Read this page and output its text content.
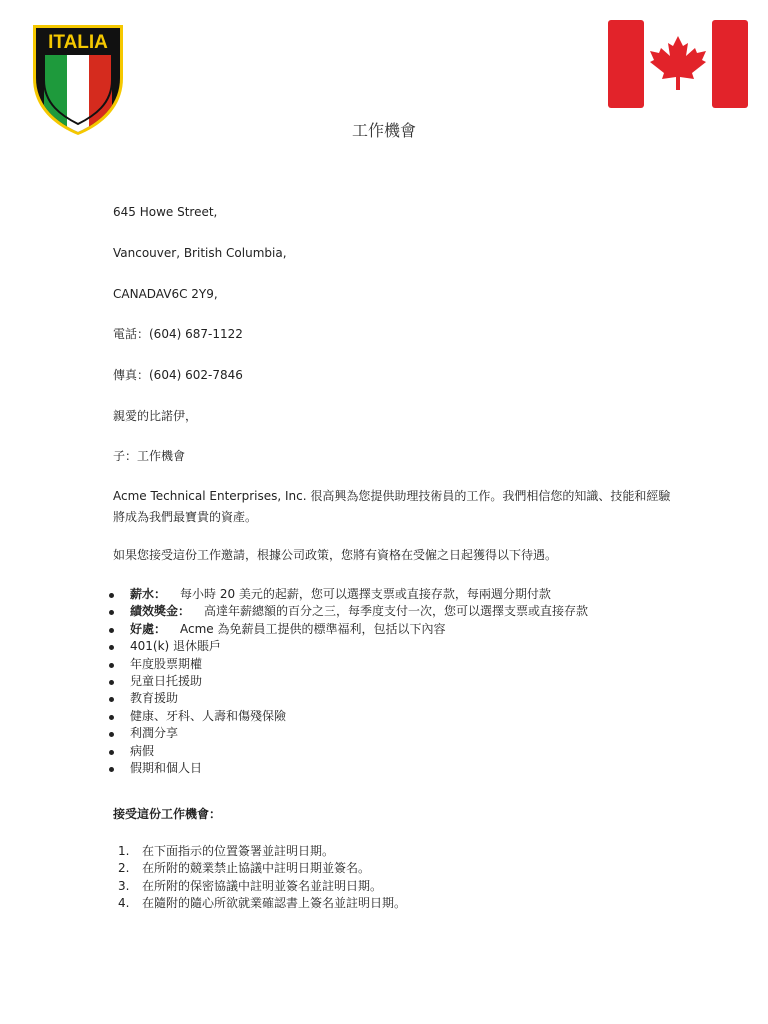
ITALIA
工作機會
645 Howe Street,
Vancouver, British Columbia,
CANADAV6C 2Y9,
電話：(604) 687-1122
傳真：(604) 602-7846
親愛的比諾伊，
子：工作機會
Acme Technical Enterprises, Inc. 很高興為您提供助理技術員的工作。我們相信您的知識、技能和經驗將成為我們最寶貴的資產。
如果您接受這份工作邀請，根據公司政策，您將有資格在受僱之日起獲得以下待遇。
薪水： 每小時 20 美元的起薪，您可以選擇支票或直接存款，每兩週分期付款
績效獎金： 高達年薪總額的百分之三，每季度支付一次，您可以選擇支票或直接存款
好處： Acme 為免薪員工提供的標準福利，包括以下內容
401(k) 退休賬戶
年度股票期權
兒童日托援助
教育援助
健康、牙科、人壽和傷殘保險
利潤分享
病假
假期和個人日
接受這份工作機會：
1. 在下面指示的位置簽署並註明日期。
2. 在所附的競業禁止協議中註明日期並簽名。
3. 在所附的保密協議中註明並簽名並註明日期。
4. 在隨附的隨心所欲就業確認書上簽名並註明日期。
